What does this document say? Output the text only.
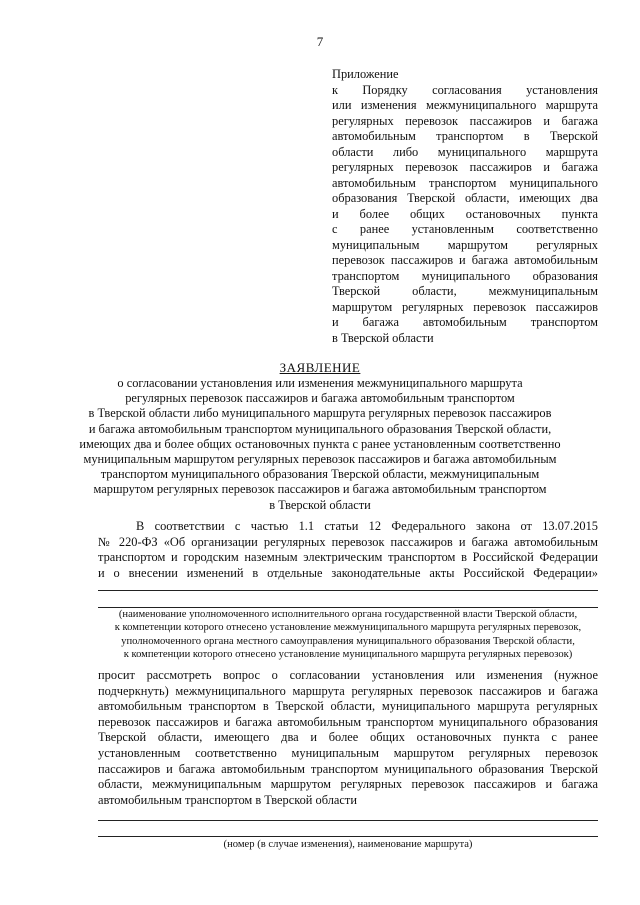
7
Приложение
к Порядку согласования установления
или изменения межмуниципального маршрута
регулярных перевозок пассажиров и багажа
автомобильным транспортом в Тверской
области либо муниципального маршрута
регулярных перевозок пассажиров и багажа
автомобильным транспортом муниципального
образования Тверской области, имеющих два
и более общих остановочных пункта
с ранее установленным соответственно
муниципальным маршрутом регулярных
перевозок пассажиров и багажа автомобильным
транспортом муниципального образования
Тверской области, межмуниципальным
маршрутом регулярных перевозок пассажиров
и багажа автомобильным транспортом
в Тверской области
ЗАЯВЛЕНИЕ
о согласовании установления или изменения межмуниципального маршрута
регулярных перевозок пассажиров и багажа автомобильным транспортом
в Тверской области либо муниципального маршрута регулярных перевозок пассажиров
и багажа автомобильным транспортом муниципального образования Тверской области,
имеющих два и более общих остановочных пункта с ранее установленным соответственно
муниципальным маршрутом регулярных перевозок пассажиров и багажа автомобильным
транспортом муниципального образования Тверской области, межмуниципальным
маршрутом регулярных перевозок пассажиров и багажа автомобильным транспортом
в Тверской области
В соответствии с частью 1.1 статьи 12 Федерального закона от 13.07.2015
№ 220-ФЗ «Об организации регулярных перевозок пассажиров и багажа автомобильным
транспортом и городским наземным электрическим транспортом в Российской Федерации
и о внесении изменений в отдельные законодательные акты Российской Федерации»
(наименование уполномоченного исполнительного органа государственной власти Тверской области,
к компетенции которого отнесено установление межмуниципального маршрута регулярных перевозок,
уполномоченного органа местного самоуправления муниципального образования Тверской области,
к компетенции которого отнесено установление муниципального маршрута регулярных перевозок)
просит рассмотреть вопрос о согласовании установления или изменения (нужное
подчеркнуть) межмуниципального маршрута регулярных перевозок пассажиров и багажа
автомобильным транспортом в Тверской области, муниципального маршрута регулярных
перевозок пассажиров и багажа автомобильным транспортом муниципального образования
Тверской области, имеющего два и более общих остановочных пункта с ранее
установленным соответственно муниципальным маршрутом регулярных перевозок
пассажиров и багажа автомобильным транспортом муниципального образования Тверской
области, межмуниципальным маршрутом регулярных перевозок пассажиров и багажа
автомобильным транспортом в Тверской области
(номер (в случае изменения), наименование маршрута)
